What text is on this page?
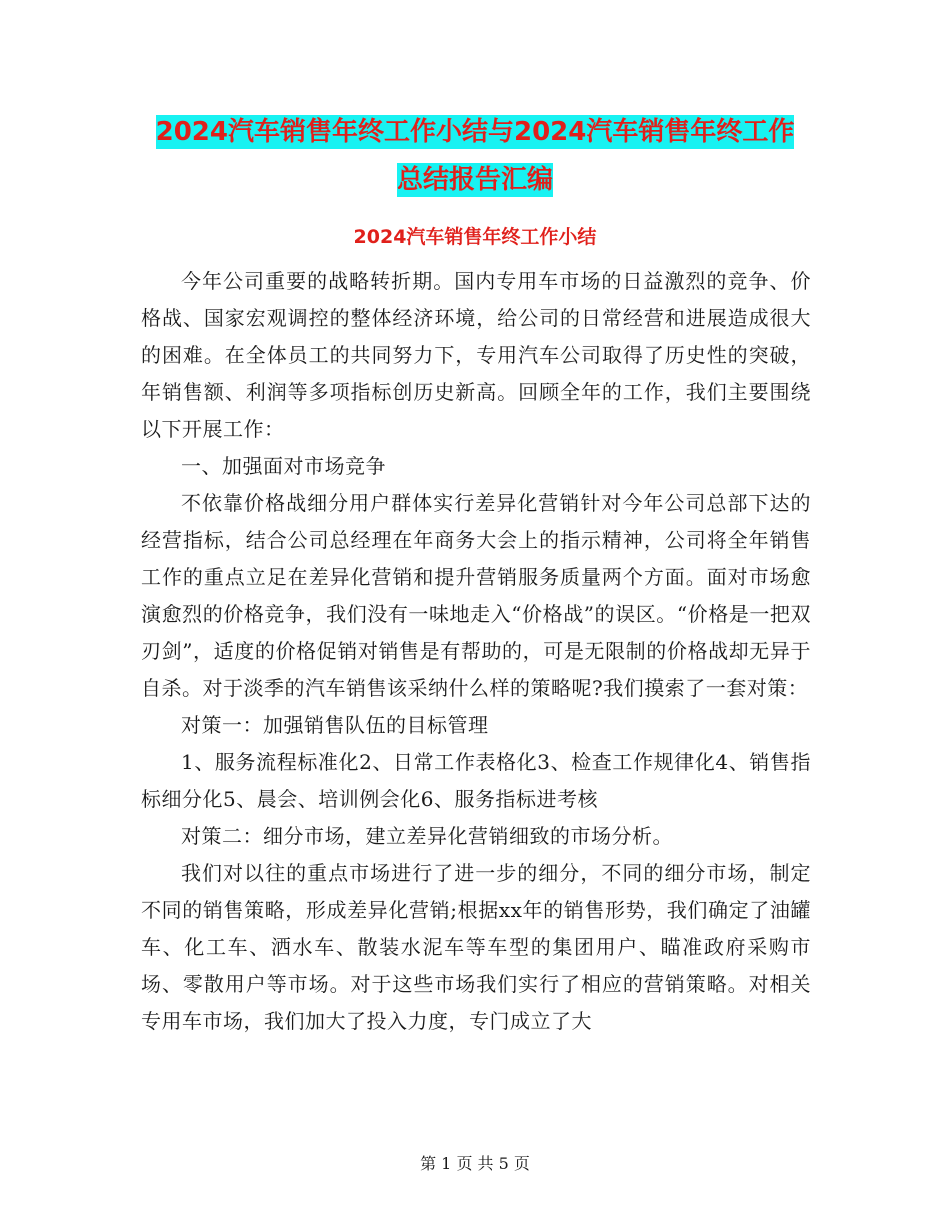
2024汽车销售年终工作小结与2024汽车销售年终工作
总结报告汇编
2024汽车销售年终工作小结

今年公司重要的战略转折期。国内专用车市场的日益激烈的竞争、价格战、国家宏观调控的整体经济环境，给公司的日常经营和进展造成很大的困难。在全体员工的共同努力下，专用汽车公司取得了历史性的突破，年销售额、利润等多项指标创历史新高。回顾全年的工作，我们主要围绕以下开展工作：

一、加强面对市场竞争

不依靠价格战细分用户群体实行差异化营销针对今年公司总部下达的经营指标，结合公司总经理在年商务大会上的指示精神，公司将全年销售工作的重点立足在差异化营销和提升营销服务质量两个方面。面对市场愈演愈烈的价格竞争，我们没有一味地走入“价格战”的误区。“价格是一把双刃剑”，适度的价格促销对销售是有帮助的，可是无限制的价格战却无异于自杀。对于淡季的汽车销售该采纳什么样的策略呢?我们摸索了一套对策：

对策一：加强销售队伍的目标管理

1、服务流程标准化2、日常工作表格化3、检查工作规律化4、销售指标细分化5、晨会、培训例会化6、服务指标进考核

对策二：细分市场，建立差异化营销细致的市场分析。

我们对以往的重点市场进行了进一步的细分，不同的细分市场，制定不同的销售策略，形成差异化营销;根据xx年的销售形势，我们确定了油罐车、化工车、洒水车、散装水泥车等车型的集团用户、瞄准政府采购市场、零散用户等市场。对于这些市场我们实行了相应的营销策略。对相关专用车市场，我们加大了投入力度，专门成立了大

第 1 页 共 5 页
